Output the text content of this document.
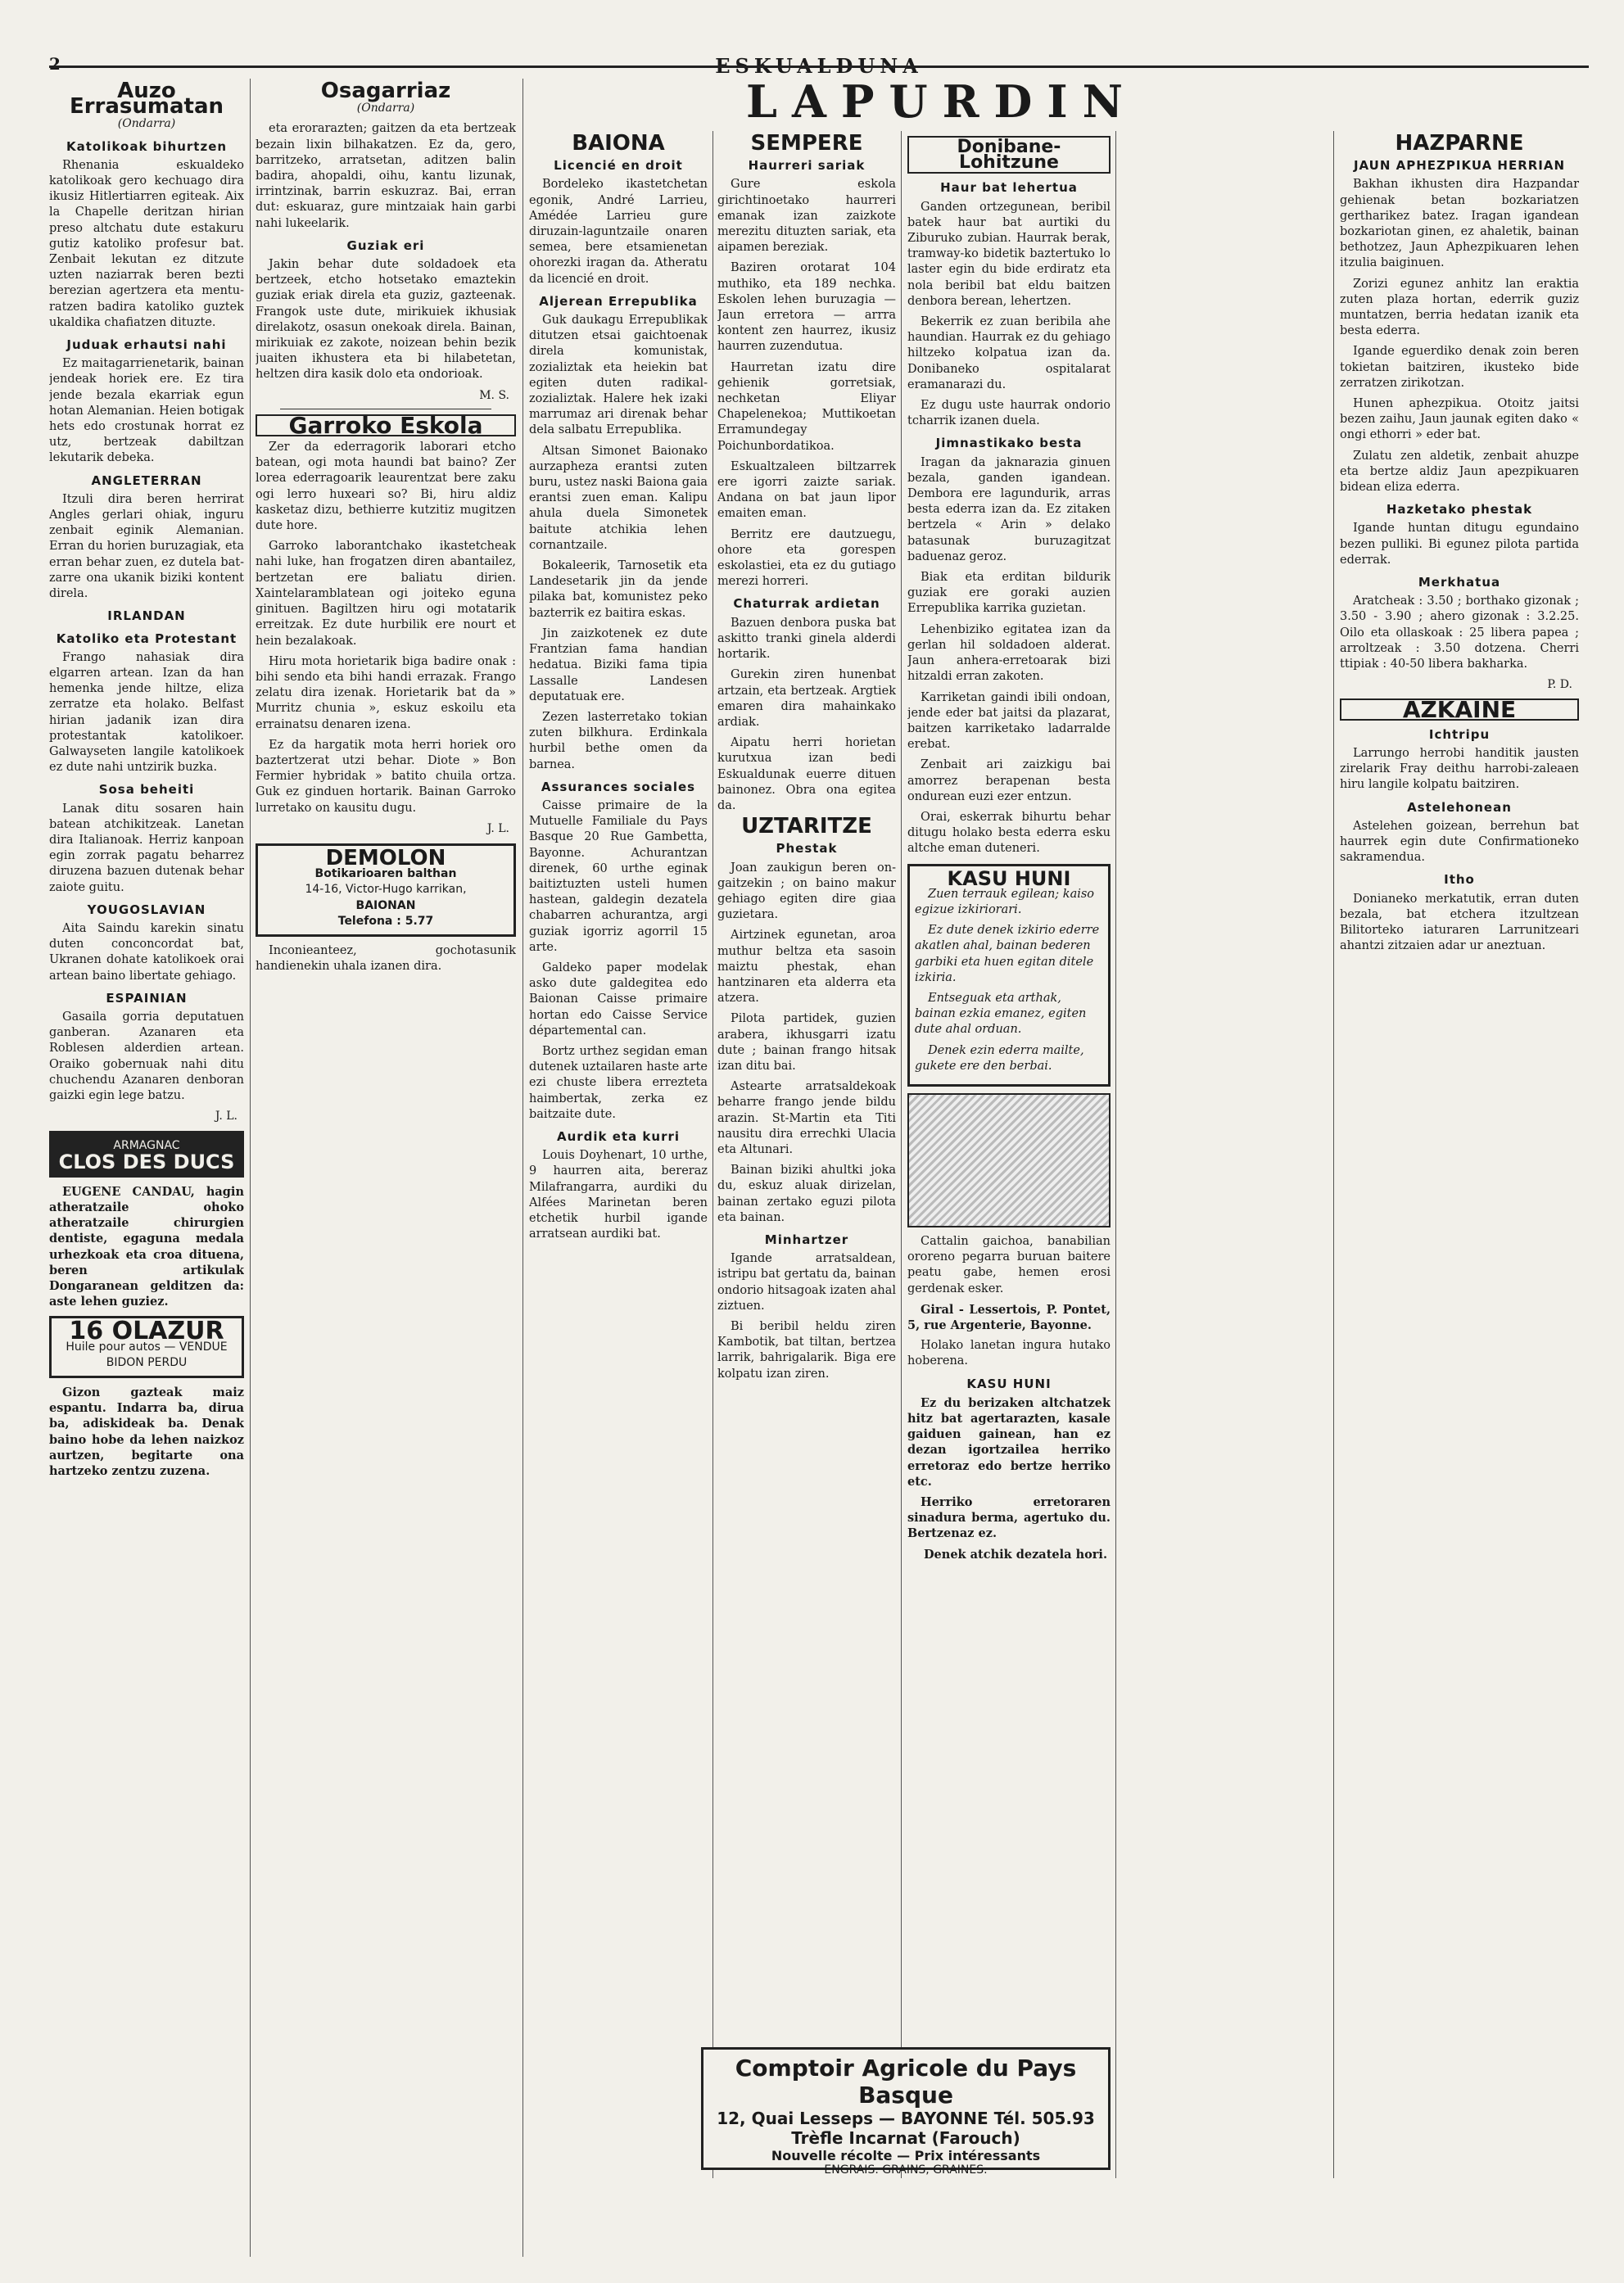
2	ESKUALDUNA
LAPURDIN
Auzo Errasumatan
(Ondarra)
Katolikoak bihurtzen

Rhenania eskualdeko katolikoak gero kechuago dira ikusiz Hitlertiarren egiteak. Aix la Chapelle deritzan hirian preso altchatu dute estakuru gutiz katoliko profesur bat. Zenbait lekutan ez ditzute uzten naziarrak beren bezti berezian agertzera eta mentu-ratzen badira katoliko guztek ukaldika chafiatzen dituzte.

Juduak erhautsi nahi

Ez maitagarrienetarik, bainan jendeak horiek ere. Ez tira jende bezala ekarriak egun hotan Alemanian. Heien botigak hets edo crostunak horrat ez utz, bertzeak dabiltzan lekutarik debeka.

ANGLETERRAN

Itzuli dira beren herrirat Angles gerlari ohiak, inguru zenbait eginik Alemanian. Erran du horien buruzagiak, eta erran behar zuen, ez dutela bat-zarre ona ukanik biziki kontent direla.

IRLANDAN
Katoliko eta Protestant

Frango nahasiak dira elgarren artean. Izan da han hemenka jende hiltze, eliza zerratze eta holako. Belfast hirian jadanik izan dira protestantak katolikoer. Galwayseten langile katolikoek ez dute nahi untzirik buzka.

Sosa beheiti

Lanak ditu sosaren hain batean atchikitzeak. Lanetan dira Italianoak. Herriz kanpoan egin zorrak pagatu beharrez diruzena bazuen dutenak behar zaiote guitu.

YOUGOSLAVIAN

Aita Saindu karekin sinatu duten conconcordat bat, Ukranen dohate katolikoek orai artean baino libertate gehiago.

ESPAINIAN

Gasaila gorria deputatuen ganberan. Azanaren eta Roblesen alderdien artean. Oraiko gobernuak nahi ditu chuchendu Azanaren denboran gaizki egin lege batzu.

J. L.
ARMAGNAC
CLOS DES DUCS

EUGENE CANDAU, hagin atheratzaile ohoko atheratzaile chirurgien dentiste, egaguna medala urhezkoak eta croa dituena, beren artikulak Dongaranean gelditzen da: aste lehen guziez.

16 OLAZUR
Huile pour autos — VENDUE BIDON PERDU

Gizon gazteak maiz espantu. Indarra ba, dirua ba, adiskideak ba. Denak baino hobe da lehen naizkoz aurtzen, begitarte ona hartzeko zentzu zuzena.

Osagarriaz
(Ondarra)

eta erorarazten; gaitzen da eta bertzeak bezain lixin bilhakatzen. Ez da, gero, barritzeko, arratsetan, aditzen balin badira, ahopaldi, oihu, kantu lizunak, irrintzinak, barrin eskuzraz. Bai, erran dut: eskuaraz, gure mintzaiak hain garbi nahi lukeelarik.

Guziak eri

Jakin behar dute soldadoek eta bertzeek, etcho hotsetako emaztekin guziak eriak direla eta guziz, gazteenak. Frangok uste dute, mirikuiek ikhusiak direlakotz, osasun onekoak direla. Bainan, mirikuiak ez zakote, noizean behin bezik juaiten ikhustera eta bi hilabetetan, heltzen dira kasik dolo eta ondorioak.

M. S.
Garroko Eskola

Zer da ederragorik laborari etcho batean, ogi mota haundi bat baino? Zer lorea ederragoarik leaurentzat bere zaku ogi lerro huxeari so? Bi, hiru aldiz kasketaz dizu, bethierre kutzitiz mugitzen dute hore.

Garroko laborantchako ikastetcheak nahi luke, han frogatzen diren abantailez, bertzetan ere baliatu dirien. Xaintelaramblatean ogi joiteko eguna ginituen. Bagiltzen hiru ogi motatarik erreitzak. Ez dute hurbilik ere nourt et hein bezalakoak.

Hiru mota horietarik biga badire onak : bihi sendo eta bihi handi errazak. Frango zelatu dira izenak. Horietarik bat da » Murritz chunia », eskuz eskoilu eta errainatsu denaren izena.

Ez da hargatik mota herri horiek oro baztertzerat utzi behar. Diote » Bon Fermier hybridak » batito chuila ortza. Guk ez ginduen hortarik. Bainan Garroko lurretako on kausitu dugu.

J. L.
DEMOLON
Botikarioaren balthan
14-16, Victor-Hugo karrikan,
BAIONAN
Telefona : 5.77

Inconieanteez, gochotasunik handienekin uhala izanen dira.

BAIONA
Licencié en droit

Bordeleko ikastetchetan egonik, André Larrieu, Amédée Larrieu gure diruzain-laguntzaile onaren semea, bere etsamienetan ohorezki iragan da. Atheratu da licencié en droit.

Aljerean Errepublika

Guk daukagu Errepublikak ditutzen etsai gaichtoenak direla komunistak, zozializtak eta heiekin bat egiten duten radikal-zozializtak. Halere hek izaki marrumaz ari direnak behar dela salbatu Errepublika.

Altsan Simonet Baionako aurzapheza erantsi zuten buru, ustez naski Baiona gaia erantsi zuen eman. Kalipu ahula duela Simonetek baitute atchikia lehen cornantzaile.

Bokaleerik, Tarnosetik eta Landesetarik jin da jende pilaka bat, komunistez peko bazterrik ez baitira eskas.

Jin zaizkotenek ez dute Frantzian fama handian hedatua. Biziki fama tipia Lassalle Landesen deputatuak ere.

Zezen lasterretako tokian zuten bilkhura. Erdinkala hurbil bethe omen da barnea.

Assurances sociales

Caisse primaire de la Mutuelle Familiale du Pays Basque 20 Rue Gambetta, Bayonne. Achurantzan direnek, 60 urthe eginak baitiztuzten usteli humen hastean, galdegin dezatela chabarren achurantza, argi guziak igorriz agorril 15 arte.

Galdeko paper modelak asko dute galdegitea edo Baionan Caisse primaire hortan edo Caisse Service départemental can.

Bortz urthez segidan eman dutenek uztailaren haste arte ezi chuste libera errezteta haimbertak, zerka ez baitzaite dute.

Aurdik eta kurri

Louis Doyhenart, 10 urthe, 9 haurren aita, bereraz Milafrangarra, aurdiki du Alfées Marinetan beren etchetik hurbil igande arratsean aurdiki bat.

SEMPERE
Haurreri sariak

Gure eskola girichtinoetako haurreri emanak izan zaizkote merezitu dituzten sariak, eta aipamen bereziak.

Baziren orotarat 104 muthiko, eta 189 nechka. Eskolen lehen buruzagia — Jaun erretora — arrra kontent zen haurrez, ikusiz haurren zuzendutua.

Haurretan izatu dire gehienik gorretsiak, nechketan Eliyar Chapelenekoa; Muttikoetan Erramundegay Poichunbordatikoa.

Eskualtzaleen biltzarrek ere igorri zaizte sariak. Andana on bat jaun lipor emaiten eman.

Berritz ere dautzuegu, ohore eta gorespen eskolastiei, eta ez du gutiago merezi horreri.

Chaturrak ardietan

Bazuen denbora puska bat askitto tranki ginela alderdi hortarik.

Gurekin ziren hunenbat artzain, eta bertzeak. Argtiek emaren dira mahainkako ardiak.

Aipatu herri horietan kurutxua izan bedi Eskualdunak euerre dituen bainonez. Obra ona egitea da.

UZTARITZE
Phestak

Joan zaukigun beren on-gaitzekin ; on baino makur gehiago egiten dire giaa guzietara.

Airtzinek egunetan, aroa muthur beltza eta sasoin maiztu phestak, ehan hantzinaren eta alderra eta atzera.

Pilota partidek, guzien arabera, ikhusgarri izatu dute ; bainan frango hitsak izan ditu bai.

Astearte arratsaldekoak beharre frango jende bildu arazin. St-Martin eta Titi nausitu dira errechki Ulacia eta Altunari.

Bainan biziki ahultki joka du, eskuz aluak dirizelan, bainan zertako eguzi pilota eta bainan.

Minhartzer

Igande arratsaldean, istripu bat gertatu da, bainan ondorio hitsagoak izaten ahal ziztuen.

Bi beribil heldu ziren Kambotik, bat tiltan, bertzea larrik, bahrigalarik. Biga ere kolpatu izan ziren.

Donibane-Lohitzune
Haur bat lehertua

Ganden ortzegunean, beribil batek haur bat aurtiki du Ziburuko zubian. Haurrak berak, tramway-ko bidetik baztertuko lo laster egin du bide erdiratz eta nola beribil bat eldu baitzen denbora berean, lehertzen.

Bekerrik ez zuan beribila ahe haundian. Haurrak ez du gehiago hiltzeko kolpatua izan da. Donibaneko ospitalarat eramanarazi du.

Ez dugu uste haurrak ondorio tcharrik izanen duela.

Jimnastikako besta

Iragan da jaknarazia ginuen bezala, ganden igandean. Dembora ere lagundurik, arras besta ederra izan da. Ez zitaken bertzela « Arin » delako batasunak buruzagitzat baduenaz geroz.

Biak eta erditan bildurik guziak ere goraki auzien Errepublika karrika guzietan.

Lehenbiziko egitatea izan da gerlan hil soldadoen alderat. Jaun anhera-erretoarak bizi hitzaldi erran zakoten.

Karriketan gaindi ibili ondoan, jende eder bat jaitsi da plazarat, baitzen karriketako ladarralde erebat.

Zenbait ari zaizkigu bai amorrez berapenan besta ondurean euzi ezer entzun.

Orai, eskerrak bihurtu behar ditugu holako besta ederra esku altche eman duteneri.

KASU HUNI

Zuen terrauk egilean; kaiso egizue izkiriorari.

Ez dute denek izkirio ederre akatlen ahal, bainan bederen garbiki eta huen egitan ditele izkiria.

Entseguak eta arthak, bainan ezkia emanez, egiten dute ahal orduan.

Denek ezin ederra mailte, gukete ere den berbai.

Cattalin gaichoa, banabilian ororeno pegarra buruan baitere peatu gabe, hemen erosi gerdenak esker.

Giral - Lessertois, P. Pontet, 5, rue Argenterie, Bayonne.

Holako lanetan ingura hutako hoberena.

KASU HUNI

Ez du berizaken altchatzek hitz bat agertarazten, kasale gaiduen gainean, han ez dezan igortzailea herriko erretoraz edo bertze herriko etc.

Herriko erretoraren sinadura berma, agertuko du. Bertzenaz ez.

Denek atchik dezatela hori.

HAZPARNE
JAUN APHEZPIKUA HERRIAN

Bakhan ikhusten dira Hazpandar gehienak betan bozkariatzen gertharikez batez. Iragan igandean bozkariotan ginen, ez ahaletik, bainan bethotzez, Jaun Aphezpikuaren lehen itzulia baiginuen.

Zorizi egunez anhitz lan eraktia zuten plaza hortan, ederrik guziz muntatzen, berria hedatan izanik eta besta ederra.

Igande eguerdiko denak zoin beren tokietan baitziren, ikusteko bide zerratzen zirikotzan.

Hunen aphezpikua. Otoitz jaitsi bezen zaihu, Jaun jaunak egiten dako « ongi ethorri » eder bat.

Zulatu zen aldetik, zenbait ahuzpe eta bertze aldiz Jaun apezpikuaren bidean eliza ederra.

Hazketako phestak

Igande huntan ditugu egundaino bezen pulliki. Bi egunez pilota partida ederrak.

Merkhatua

Aratcheak : 3.50 ; borthako gizonak ; 3.50 - 3.90 ; ahero gizonak : 3.2.25. Oilo eta ollaskoak : 25 libera papea ; arroltzeak : 3.50 dotzena. Cherri ttipiak : 40-50 libera bakharka.

P. D.
AZKAINE
Ichtripu

Larrungo herrobi handitik jausten zirelarik Fray deithu harrobi-zaleaen hiru langile kolpatu baitziren.

Astelehonean

Astelehen goizean, berrehun bat haurrek egin dute Confirmationeko sakramendua.

Itho

Donianeko merkatutik, erran duten bezala, bat etchera itzultzean Bilitorteko iaturaren Larrunitzeari ahantzi zitzaien adar ur aneztuan.

Comptoir Agricole du Pays Basque
12, Quai Lesseps — BAYONNE Tél. 505.93
Trèfle Incarnat (Farouch)
Nouvelle récolte — Prix intéressants
ENGRAIS. GRAINS, GRAINES.
